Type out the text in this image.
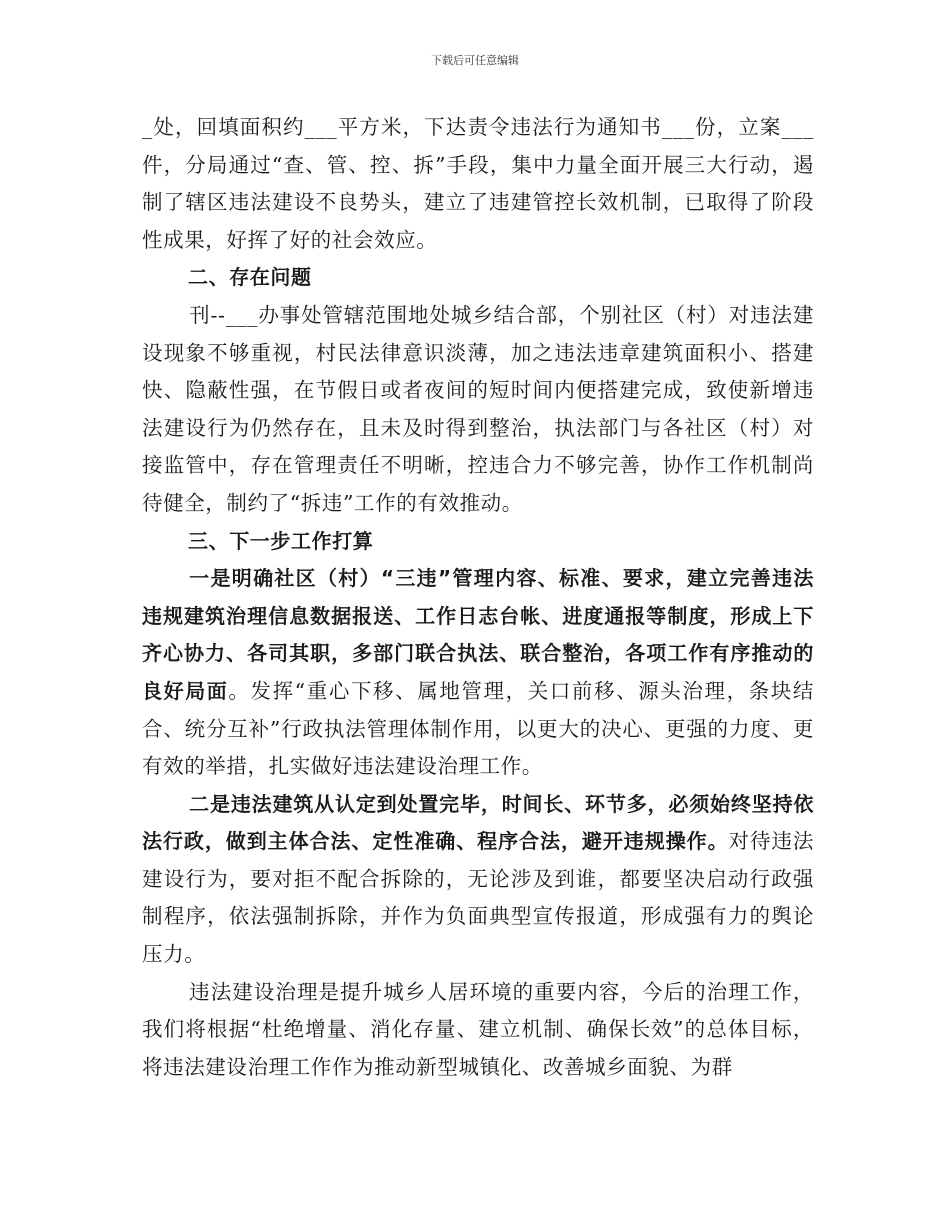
下载后可任意编辑

_处，回填面积约___平方米，下达责令违法行为通知书___份，立案___件，分局通过“查、管、控、拆”手段，集中力量全面开展三大行动，遏制了辖区违法建设不良势头，建立了违建管控长效机制，已取得了阶段性成果，好挥了好的社会效应。

二、存在问题

刊--___办事处管辖范围地处城乡结合部，个别社区（村）对违法建设现象不够重视，村民法律意识淡薄，加之违法违章建筑面积小、搭建快、隐蔽性强，在节假日或者夜间的短时间内便搭建完成，致使新增违法建设行为仍然存在，且未及时得到整治，执法部门与各社区（村）对接监管中，存在管理责任不明晰，控违合力不够完善，协作工作机制尚待健全，制约了“拆违”工作的有效推动。

三、下一步工作打算

一是明确社区（村）“三违”管理内容、标准、要求，建立完善违法违规建筑治理信息数据报送、工作日志台帐、进度通报等制度，形成上下齐心协力、各司其职，多部门联合执法、联合整治，各项工作有序推动的良好局面。发挥“重心下移、属地管理，关口前移、源头治理，条块结合、统分互补”行政执法管理体制作用，以更大的决心、更强的力度、更有效的举措，扎实做好违法建设治理工作。

二是违法建筑从认定到处置完毕，时间长、环节多，必须始终坚持依法行政，做到主体合法、定性准确、程序合法，避开违规操作。对待违法建设行为，要对拒不配合拆除的，无论涉及到谁，都要坚决启动行政强制程序，依法强制拆除，并作为负面典型宣传报道，形成强有力的舆论压力。

违法建设治理是提升城乡人居环境的重要内容，今后的治理工作，我们将根据“杜绝增量、消化存量、建立机制、确保长效”的总体目标，将违法建设治理工作作为推动新型城镇化、改善城乡面貌、为群
